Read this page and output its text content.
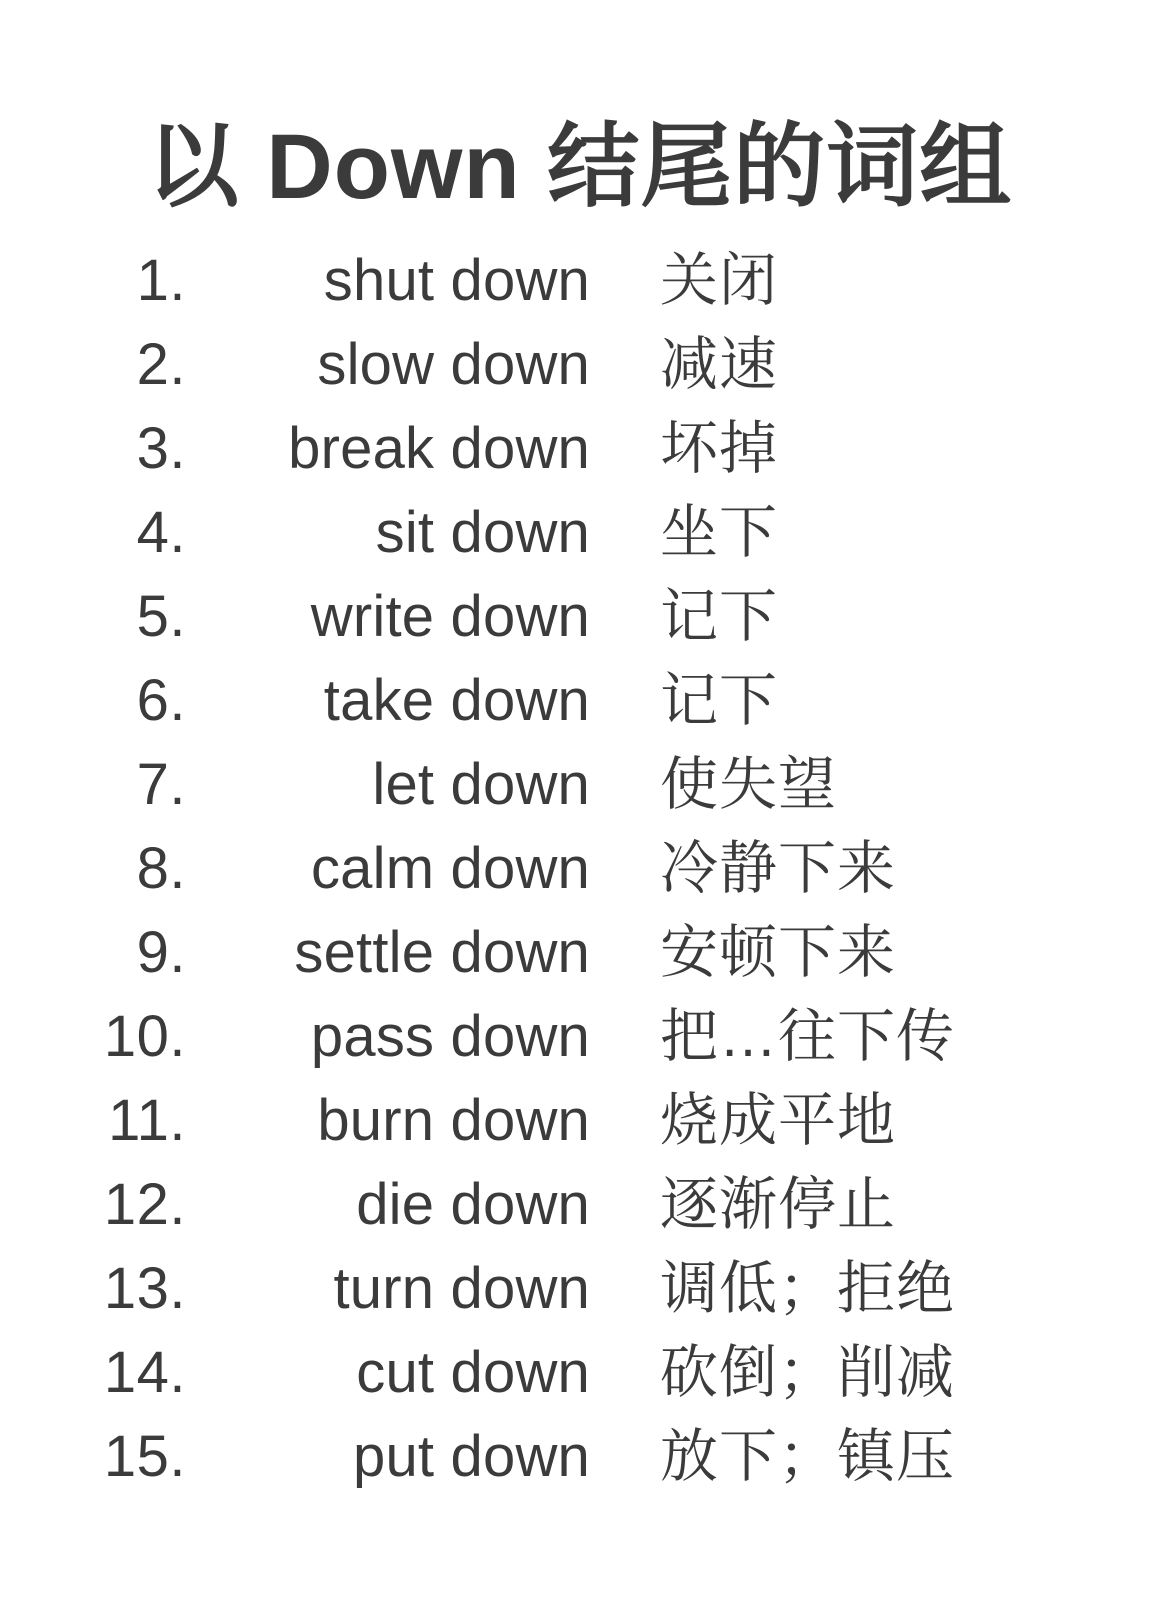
以 Down 结尾的词组
1.	shut down	关闭
2.	slow down	减速
3.	break down	坏掉
4.	sit down	坐下
5.	write down	记下
6.	take down	记下
7.	let down	使失望
8.	calm down	冷静下来
9.	settle down	安顿下来
10.	pass down	把…往下传
11.	burn down	烧成平地
12.	die down	逐渐停止
13.	turn down	调低；拒绝
14.	cut down	砍倒；削减
15.	put down	放下；镇压
